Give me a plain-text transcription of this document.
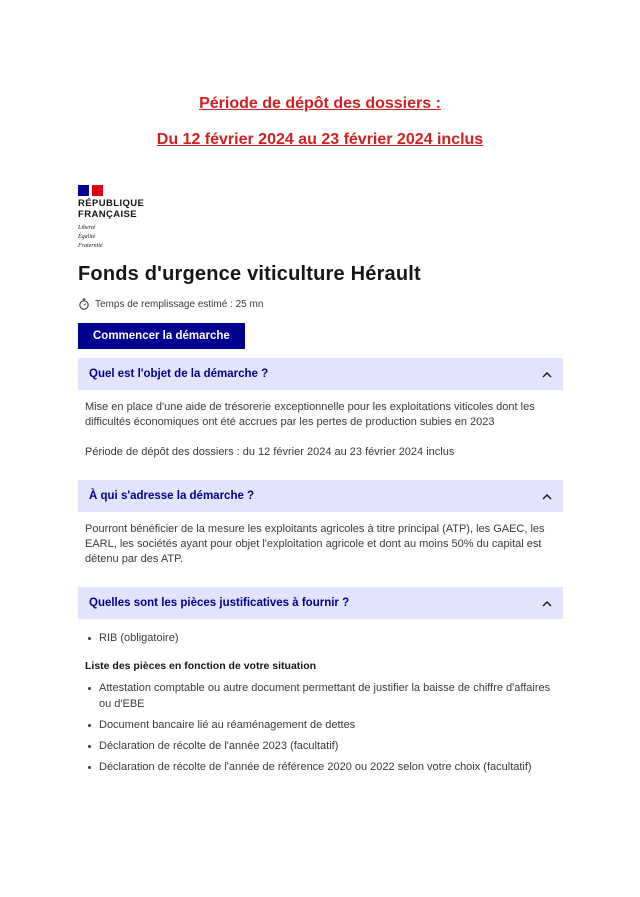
Période de dépôt des dossiers :
Du 12 février 2024 au 23 février 2024 inclus
RÉPUBLIQUE
FRANÇAISE
Liberté
Égalité
Fraternité
Fonds d'urgence viticulture Hérault
Temps de remplissage estimé : 25 mn
Commencer la démarche
Quel est l'objet de la démarche ?

Mise en place d'une aide de trésorerie exceptionnelle pour les exploitations viticoles dont les difficultés économiques ont été accrues par les pertes de production subies en 2023

Période de dépôt des dossiers : du 12 février 2024 au 23 février 2024 inclus

À qui s'adresse la démarche ?

Pourront bénéficier de la mesure les exploitants agricoles à titre principal (ATP), les GAEC, les EARL, les sociétés ayant pour objet l'exploitation agricole et dont au moins 50% du capital est détenu par des ATP.

Quelles sont les pièces justificatives à fournir ?
RIB (obligatoire)
Liste des pièces en fonction de votre situation
Attestation comptable ou autre document permettant de justifier la baisse de chiffre d'affaires ou d'EBE
Document bancaire lié au réaménagement de dettes
Déclaration de récolte de l'année 2023 (facultatif)
Déclaration de récolte de l'année de référence 2020 ou 2022 selon votre choix (facultatif)
